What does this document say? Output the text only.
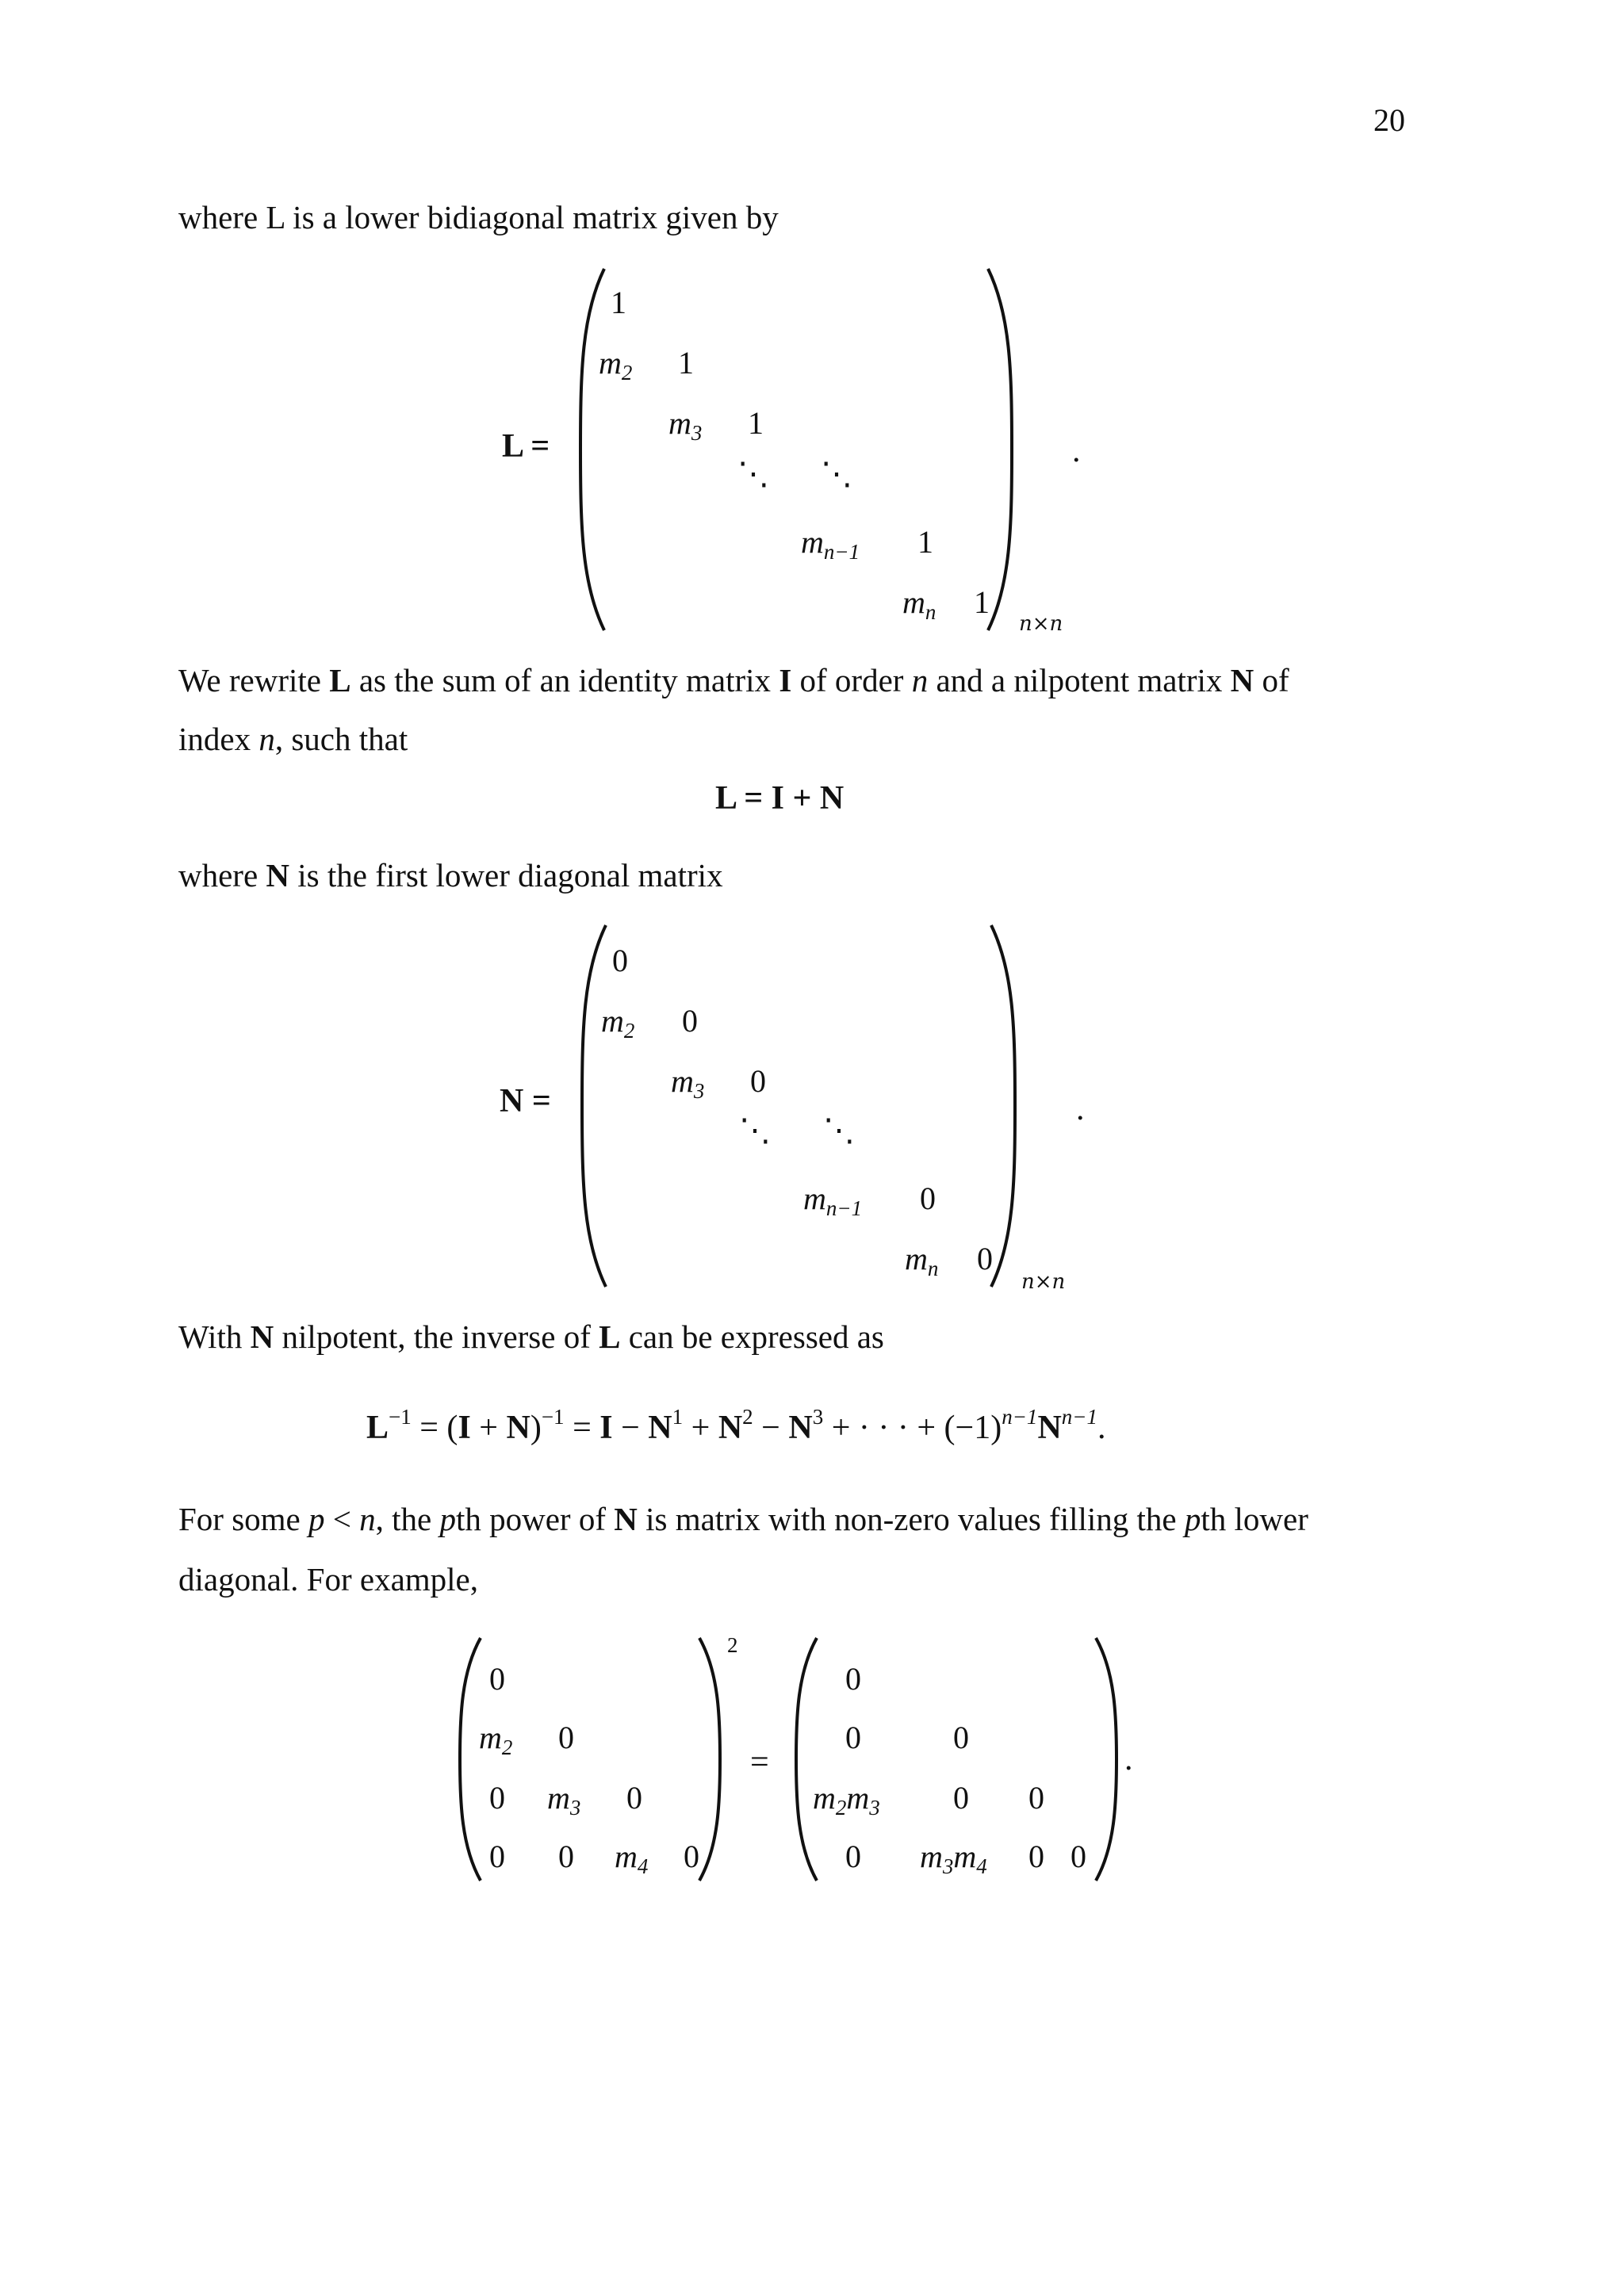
20
where L is a lower bidiagonal matrix given by
L =
1
$m_2$ 1
$m_3$ 1
⋱ ⋱
$m_{n-1}$ 1
$m_n$ 1
n×n
.
We rewrite L as the sum of an identity matrix I of order n and a nilpotent matrix N of
index n, such that
L = I + N
where N is the first lower diagonal matrix
N =
0
$m_2$ 0
$m_3$ 0
⋱ ⋱
$m_{n-1}$ 0
$m_n$ 0
n×n
.
With N nilpotent, the inverse of L can be expressed as
$L^{-1} = (I + N)^{-1} = I - N^1 + N^2 - N^3$ + · · · + $(-1)^{n-1}N^{n-1}$.
For some p < n, the pth power of N is matrix with non-zero values filling the pth lower
diagonal. For example,
0
$m_2$ 0
0 $m_3$ 0
0 0 $m_4$ 0
2
=
0
0	0
$m_2m_3$ 0 0
0 $m_3m_4$ 0 0
.
